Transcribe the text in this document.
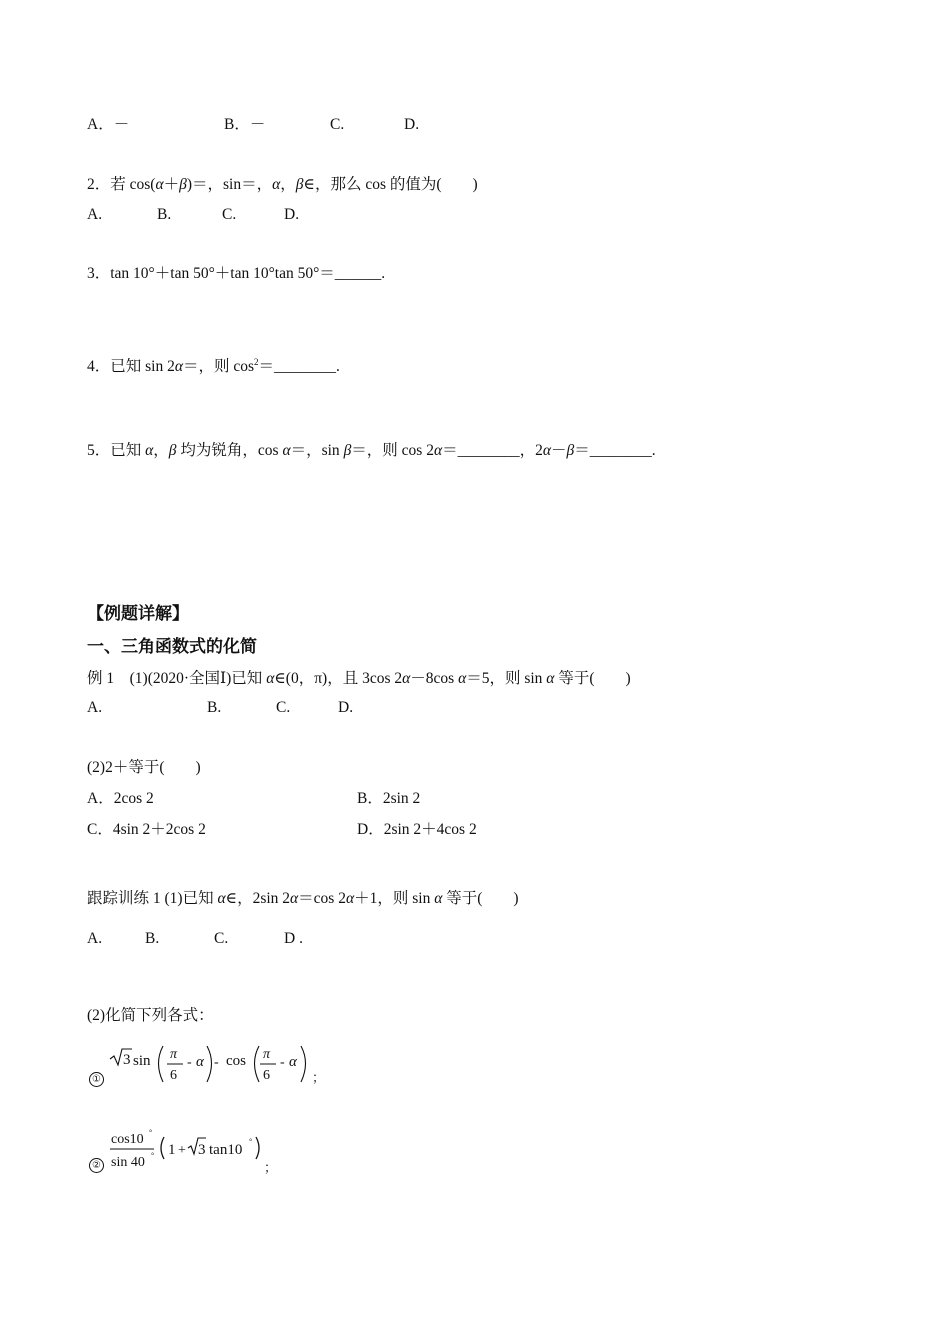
A．－	B．－	C.	D.
2．若 cos(α＋β)＝，sin＝，α，β∈，那么 cos 的值为(　　)
A.	B.	C.	D.
3．tan 10°＋tan 50°＋tan 10°tan 50°＝______.
4．已知 sin 2α＝，则 $\cos^2=\_\_\_\_\_\_\_\_$.
5．已知 α，β 均为锐角，cos α＝，sin β＝，则 cos 2α＝________，2α－β＝________.
【例题详解】
一、三角函数式的化简
例 1　(1)(2020·全国Ⅰ)已知 α∈(0，π)，且 3cos 2α－8cos α＝5，则 sin α 等于(　　)
A.	B.	C.	D.
(2)2＋等于(　　)
A．2cos 2	B．2sin 2
C．4sin 2＋2cos 2	D．2sin 2＋4cos 2
跟踪训练 1 (1)已知 α∈，2sin 2α＝cos 2α＋1，则 sin α 等于(　　)
A.	B.	C.	D .
(2)化简下列各式：
①
3 sin π
6
- α - cos π
6
- α
；
②
cos10 °
sin 40 ° 1 + 3 tan10
°
；
